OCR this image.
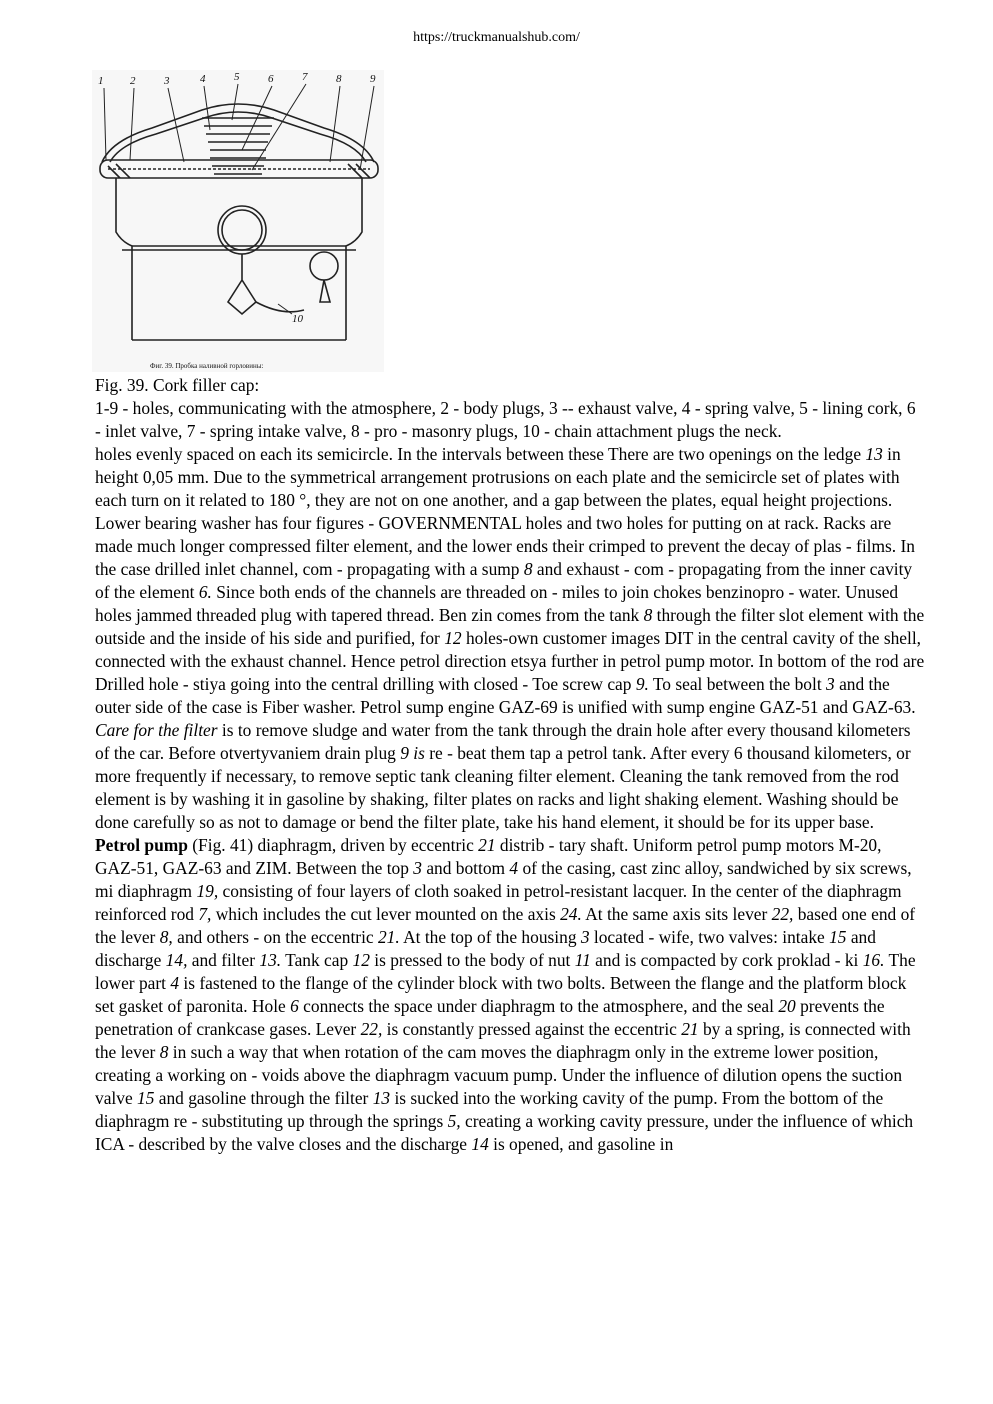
https://truckmanualshub.com/
1 2	3	4	5	6	7	8	9
10
Фиг. 39. Пробка наливной горловины:

Fig. 39. Cork filler cap:

1-9 - holes, communicating with the atmosphere, 2 - body plugs, 3 -- exhaust valve, 4 - spring valve, 5 - lining cork, 6 - inlet valve, 7 - spring intake valve, 8 - pro - masonry plugs, 10 - chain attachment plugs the neck.

holes evenly spaced on each its semicircle. In the intervals between these There are two openings on the ledge 13 in height 0,05 mm. Due to the symmetrical arrangement protrusions on each plate and the semicircle set of plates with each turn on it related to 180 °, they are not on one another, and a gap between the plates, equal height projections. Lower bearing washer has four figures - GOVERNMENTAL holes and two holes for putting on at rack. Racks are made much longer compressed filter element, and the lower ends their crimped to prevent the decay of plas - films. In the case drilled inlet channel, com - propagating with a sump 8 and exhaust - com - propagating from the inner cavity of the element 6. Since both ends of the channels are threaded on - miles to join chokes benzinopro - water. Unused holes jammed threaded plug with tapered thread. Ben zin comes from the tank 8 through the filter slot element with the outside and the inside of his side and purified, for 12 holes-own customer images DIT in the central cavity of the shell, connected with the exhaust channel. Hence petrol direction etsya further in petrol pump motor. In bottom of the rod are Drilled hole - stiya going into the central drilling with closed - Toe screw cap 9. To seal between the bolt 3 and the outer side of the case is Fiber washer. Petrol sump engine GAZ-69 is unified with sump engine GAZ-51 and GAZ-63. Care for the filter is to remove sludge and water from the tank through the drain hole after every thousand kilometers of the car. Before otvertyvaniem drain plug 9 is re - beat them tap a petrol tank. After every 6 thousand kilometers, or more frequently if necessary, to remove septic tank cleaning filter element. Cleaning the tank removed from the rod element is by washing it in gasoline by shaking, filter plates on racks and light shaking element. Washing should be done carefully so as not to damage or bend the filter plate, take his hand element, it should be for its upper base.

Petrol pump (Fig. 41) diaphragm, driven by eccentric 21 distrib - tary shaft. Uniform petrol pump motors M-20, GAZ-51, GAZ-63 and ZIM. Between the top 3 and bottom 4 of the casing, cast zinc alloy, sandwiched by six screws, mi diaphragm 19, consisting of four layers of cloth soaked in petrol-resistant lacquer. In the center of the diaphragm reinforced rod 7, which includes the cut lever mounted on the axis 24. At the same axis sits lever 22, based one end of the lever 8, and others - on the eccentric 21. At the top of the housing 3 located - wife, two valves: intake 15 and discharge 14, and filter 13. Tank cap 12 is pressed to the body of nut 11 and is compacted by cork proklad - ki 16. The lower part 4 is fastened to the flange of the cylinder block with two bolts. Between the flange and the platform block set gasket of paronita. Hole 6 connects the space under diaphragm to the atmosphere, and the seal 20 prevents the penetration of crankcase gases. Lever 22, is constantly pressed against the eccentric 21 by a spring, is connected with the lever 8 in such a way that when rotation of the cam moves the diaphragm only in the extreme lower position, creating a working on - voids above the diaphragm vacuum pump. Under the influence of dilution opens the suction valve 15 and gasoline through the filter 13 is sucked into the working cavity of the pump. From the bottom of the diaphragm re - substituting up through the springs 5, creating a working cavity pressure, under the influence of which ICA - described by the valve closes and the discharge 14 is opened, and gasoline in
